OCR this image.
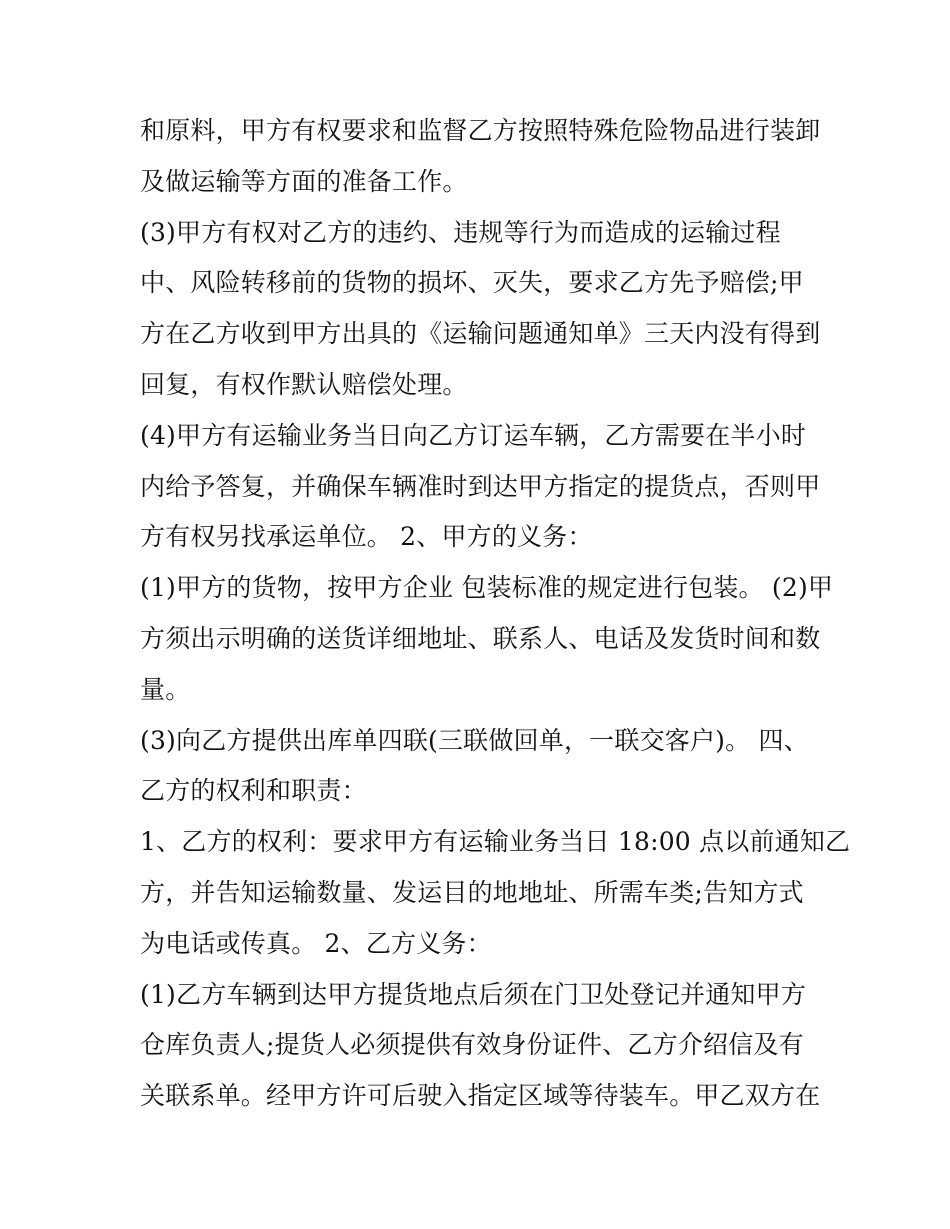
和原料，甲方有权要求和监督乙方按照特殊危险物品进行装卸
及做运输等方面的准备工作。
(3)甲方有权对乙方的违约、违规等行为而造成的运输过程
中、风险转移前的货物的损坏、灭失，要求乙方先予赔偿;甲
方在乙方收到甲方出具的《运输问题通知单》三天内没有得到
回复，有权作默认赔偿处理。
(4)甲方有运输业务当日向乙方订运车辆，乙方需要在半小时
内给予答复，并确保车辆准时到达甲方指定的提货点，否则甲
方有权另找承运单位。 2、甲方的义务：
(1)甲方的货物，按甲方企业 包装标准的规定进行包装。 (2)甲
方须出示明确的送货详细地址、联系人、电话及发货时间和数
量。
(3)向乙方提供出库单四联(三联做回单，一联交客户)。 四、
乙方的权利和职责：
1、乙方的权利：要求甲方有运输业务当日 18:00 点以前通知乙
方，并告知运输数量、发运目的地地址、所需车类;告知方式
为电话或传真。 2、乙方义务：
(1)乙方车辆到达甲方提货地点后须在门卫处登记并通知甲方
仓库负责人;提货人必须提供有效身份证件、乙方介绍信及有
关联系单。经甲方许可后驶入指定区域等待装车。甲乙双方在
